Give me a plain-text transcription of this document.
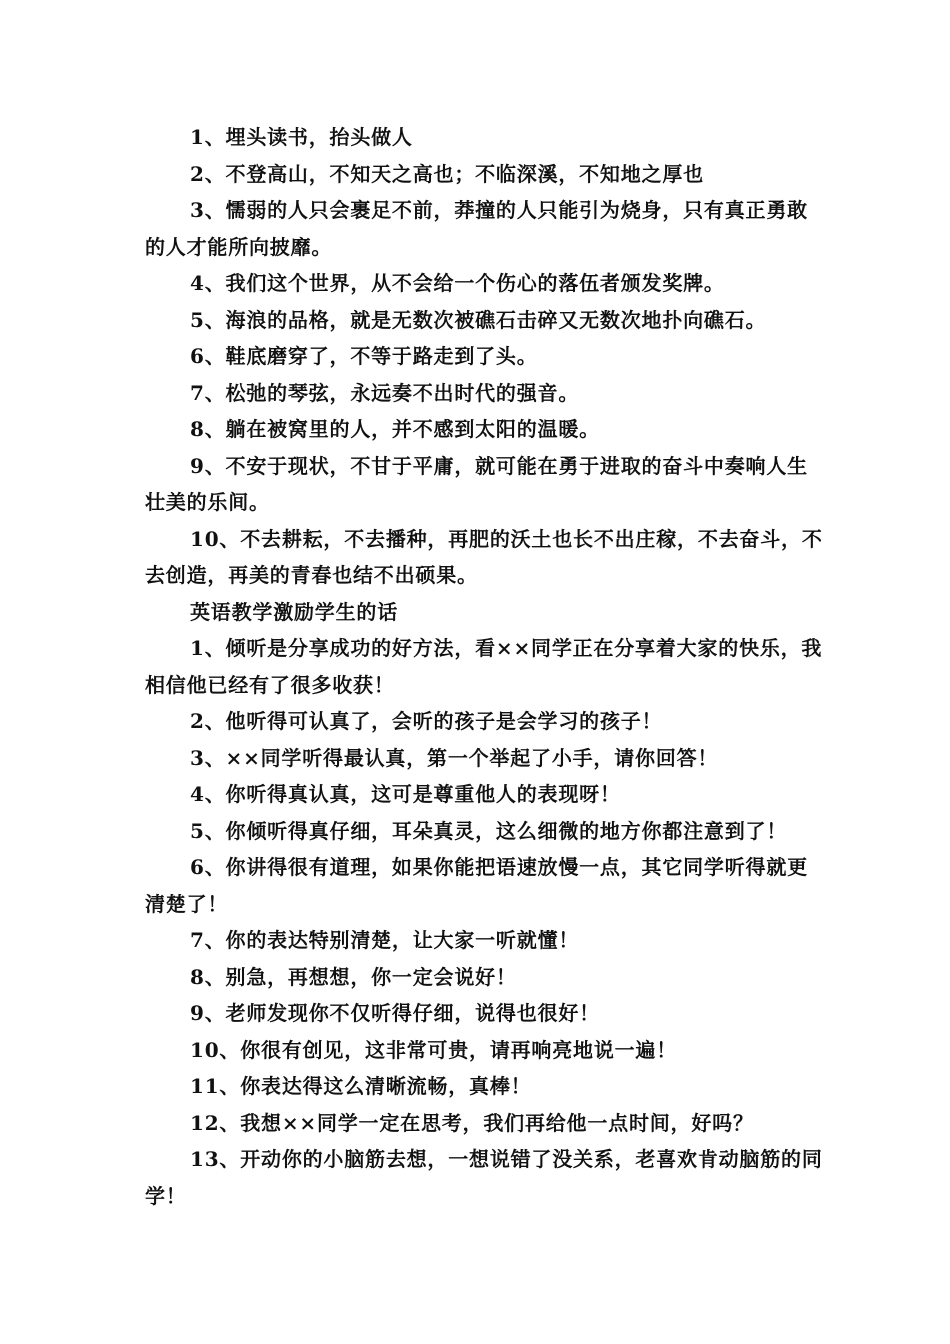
1、埋头读书，抬头做人

2、不登高山，不知天之高也；不临深溪，不知地之厚也

3、懦弱的人只会裹足不前，莽撞的人只能引为烧身，只有真正勇敢的人才能所向披靡。

4、我们这个世界，从不会给一个伤心的落伍者颁发奖牌。

5、海浪的品格，就是无数次被礁石击碎又无数次地扑向礁石。

6、鞋底磨穿了，不等于路走到了头。

7、松弛的琴弦，永远奏不出时代的强音。

8、躺在被窝里的人，并不感到太阳的温暖。

9、不安于现状，不甘于平庸，就可能在勇于进取的奋斗中奏响人生壮美的乐间。

10、不去耕耘，不去播种，再肥的沃土也长不出庄稼，不去奋斗，不去创造，再美的青春也结不出硕果。

英语教学激励学生的话

1、倾听是分享成功的好方法，看××同学正在分享着大家的快乐，我相信他已经有了很多收获！

2、他听得可认真了，会听的孩子是会学习的孩子！

3、××同学听得最认真，第一个举起了小手，请你回答！

4、你听得真认真，这可是尊重他人的表现呀！

5、你倾听得真仔细，耳朵真灵，这么细微的地方你都注意到了！

6、你讲得很有道理，如果你能把语速放慢一点，其它同学听得就更清楚了！

7、你的表达特别清楚，让大家一听就懂！

8、别急，再想想，你一定会说好！

9、老师发现你不仅听得仔细，说得也很好！

10、你很有创见，这非常可贵，请再响亮地说一遍！

11、你表达得这么清晰流畅，真棒！

12、我想××同学一定在思考，我们再给他一点时间，好吗？

13、开动你的小脑筋去想，一想说错了没关系，老喜欢肯动脑筋的同学！
